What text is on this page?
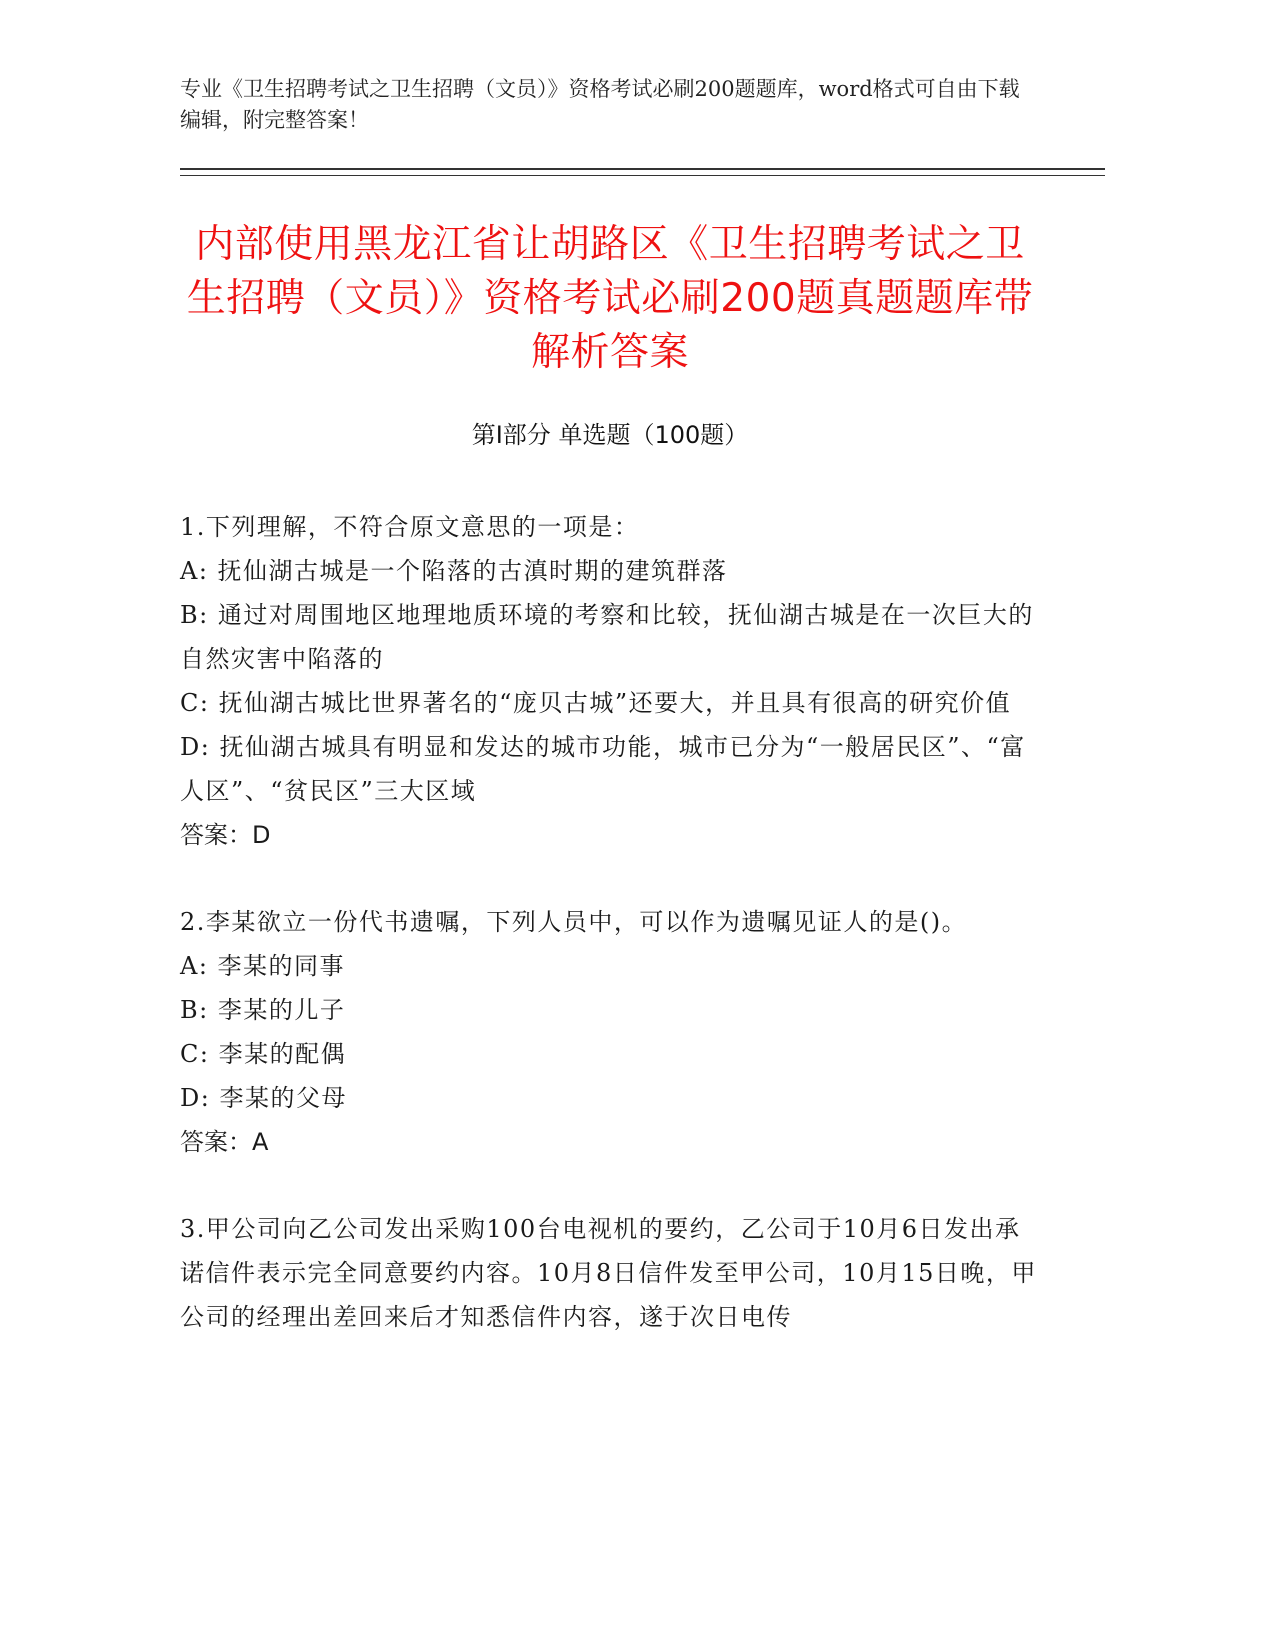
专业《卫生招聘考试之卫生招聘（文员）》资格考试必刷200题题库，word格式可自由下载编辑，附完整答案！
内部使用黑龙江省让胡路区《卫生招聘考试之卫生招聘（文员）》资格考试必刷200题真题题库带解析答案
第Ⅰ部分 单选题（100题）
1.下列理解，不符合原文意思的一项是：
A: 抚仙湖古城是一个陷落的古滇时期的建筑群落
B: 通过对周围地区地理地质环境的考察和比较，抚仙湖古城是在一次巨大的自然灾害中陷落的
C: 抚仙湖古城比世界著名的“庞贝古城”还要大，并且具有很高的研究价值
D: 抚仙湖古城具有明显和发达的城市功能，城市已分为“一般居民区”、“富人区”、“贫民区”三大区域
答案：D
2.李某欲立一份代书遗嘱，下列人员中，可以作为遗嘱见证人的是()。
A: 李某的同事
B: 李某的儿子
C: 李某的配偶
D: 李某的父母
答案：A
3.甲公司向乙公司发出采购100台电视机的要约，乙公司于10月6日发出承诺信件表示完全同意要约内容。10月8日信件发至甲公司，10月15日晚，甲公司的经理出差回来后才知悉信件内容，遂于次日电传
